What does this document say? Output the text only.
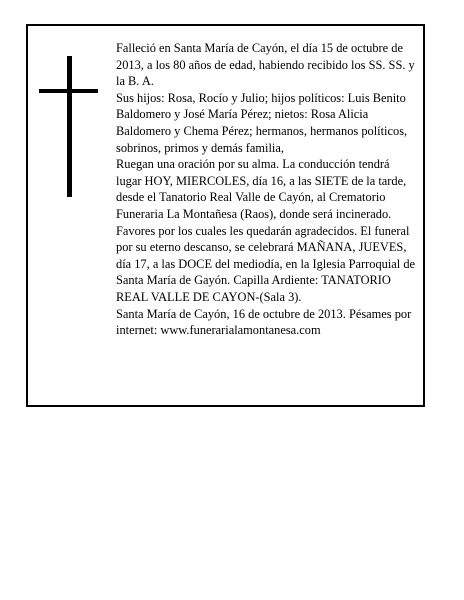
Falleció en Santa María de Cayón, el día 15 de octubre de 2013, a los 80 años de edad, habiendo recibido los SS. SS. y la B. A.

Sus hijos: Rosa, Rocío y Julio; hijos políticos: Luis Benito Baldomero y José María Pérez; nietos: Rosa Alicia Baldomero y Chema Pérez; hermanos, hermanos políticos, sobrinos, primos y demás familia,

Ruegan una oración por su alma. La conducción tendrá lugar HOY, MIERCOLES, día 16, a las SIETE de la tarde, desde el Tanatorio Real Valle de Cayón, al Crematorio Funeraria La Montañesa (Raos), donde será incinerado. Favores por los cuales les quedarán agradecidos. El funeral por su eterno descanso, se celebrará MAÑANA, JUEVES, día 17, a las DOCE del mediodía, en la Iglesia Parroquial de Santa María de Gayón. Capilla Ardiente: TANATORIO REAL VALLE DE CAYON-(Sala 3).

Santa María de Cayón, 16 de octubre de 2013. Pésames por internet: www.funerarialamontanesa.com
